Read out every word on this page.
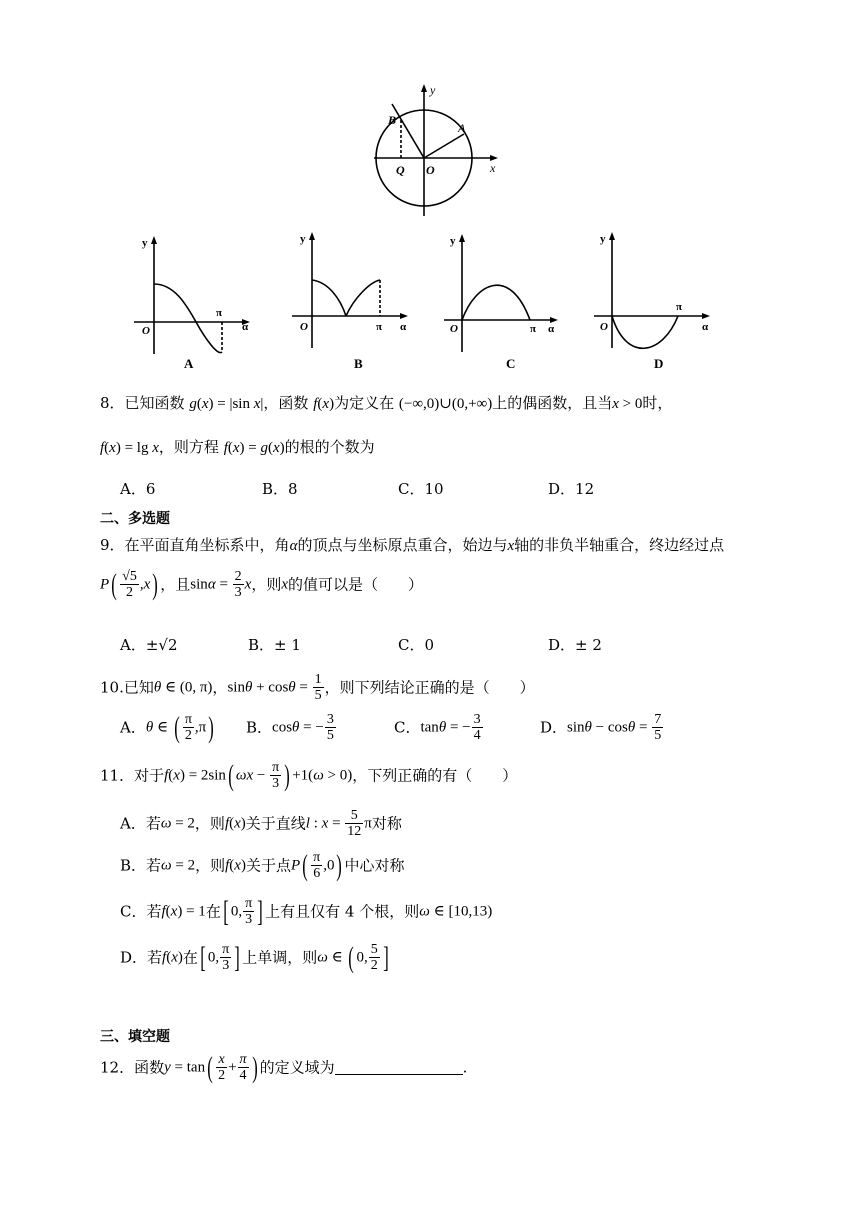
y
x
A
B
Q O
y
O
π
α
A
y
O	π α
B
y
O	π α
C
y
O
π
α
D
8．已知函数 g(x) = |sin x|，函数 f(x)为定义在 (−∞,0)∪(0,+∞)上的偶函数，且当x > 0时，
f(x) = lg x，则方程 f(x) = g(x)的根的个数为
A．6	B．8	C．10	D．12
二、多选题
9．在平面直角坐标系中，角α的顶点与坐标原点重合，始边与x轴的非负半轴重合，终边经过点
$P( \frac{√5}{2} ,x)$ ，且$\sin\alpha = \frac{2}{3}$ x，则x的值可以是（　　）
A．±√2	B．± 1	C．0	D．± 2
10.已知θ ∈ (0, π)，$\sin\theta + \cos\theta = \frac{1}{5}$ ，则下列结论正确的是（　　）
A．θ ∈ ( $\frac{\pi}{2} ,\pi$) B．cosθ = − $\frac{3}{5}$	C．tanθ = − $\frac{3}{4}$	D．$\sin\theta - \cos\theta = \frac{7}{5}$
11．对于f(x) = 2sin( $\omega x - \frac{\pi}{3}$ ) +1(ω > 0)，下列正确的有（　　）
A．若ω = 2，则f(x)关于直线l : $x = \frac{5}{12}$ π对称
B．若ω = 2，则f(x)关于点$P( \frac{\pi}{6} ,0)$ 中心对称
C．若f(x) = 1在[ 0, $\frac{\pi}{3}$ ] 上有且仅有 4 个根，则ω ∈ [10,13)
D．若f(x)在[ 0, $\frac{\pi}{3}$ ] 上单调，则ω ∈ ( 0, $\frac{5}{2}$ ]
三、填空题
12．函数$y = \tan( \frac{x}{2} + \frac{\pi}{4}$ ) 的定义域为	.
